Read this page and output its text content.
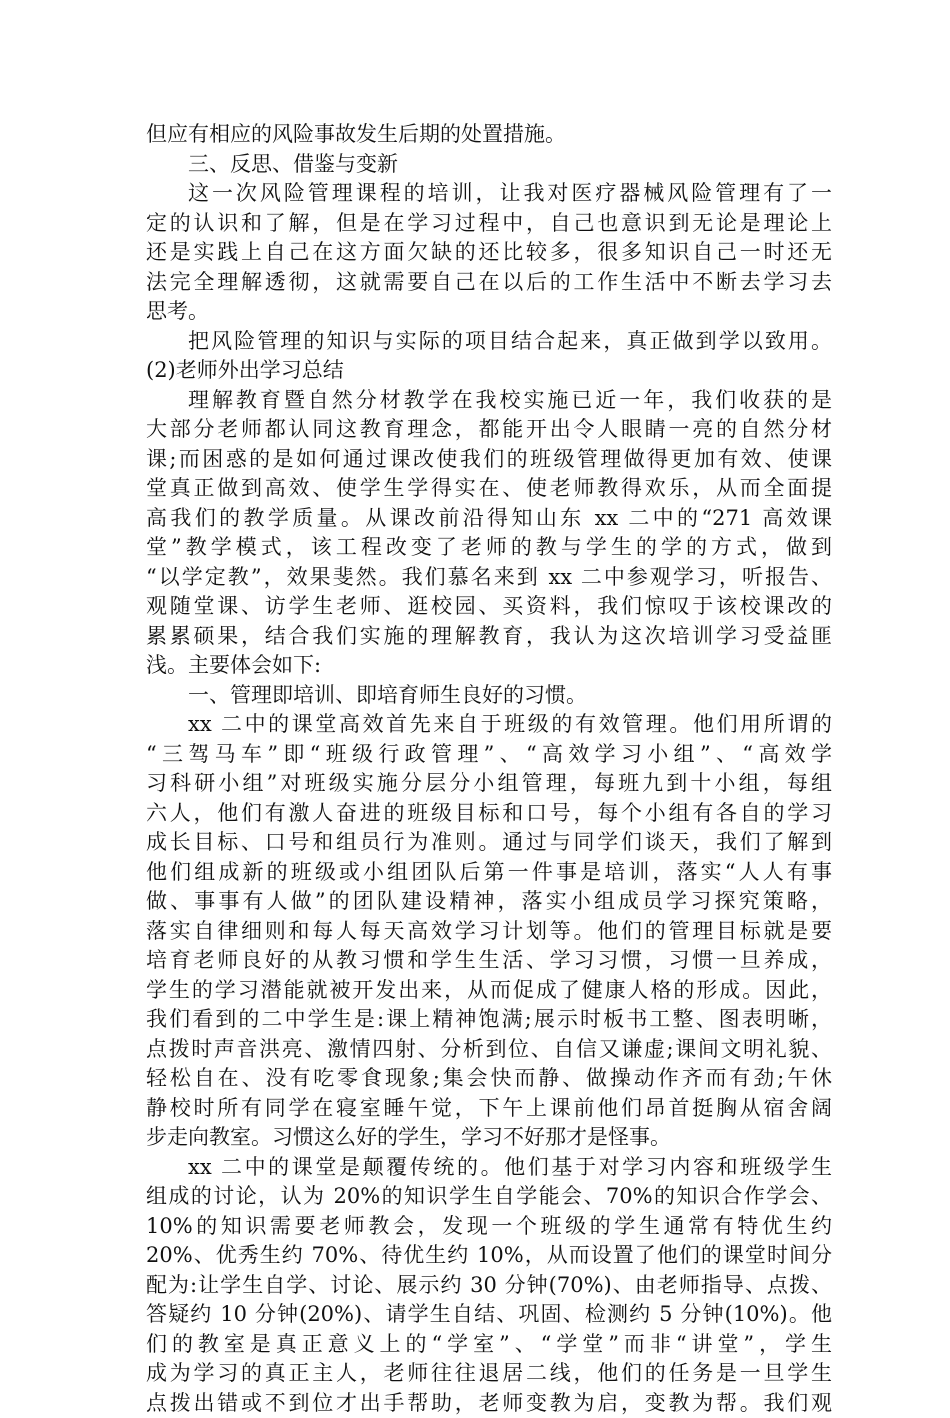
但应有相应的风险事故发生后期的处置措施。
三、反思、借鉴与变新
这一次风险管理课程的培训，让我对医疗器械风险管理有了一
定的认识和了解，但是在学习过程中，自己也意识到无论是理论上
还是实践上自己在这方面欠缺的还比较多，很多知识自己一时还无
法完全理解透彻，这就需要自己在以后的工作生活中不断去学习去
思考。
把风险管理的知识与实际的项目结合起来，真正做到学以致用。
(2)老师外出学习总结
理解教育暨自然分材教学在我校实施已近一年，我们收获的是
大部分老师都认同这教育理念，都能开出令人眼睛一亮的自然分材
课;而困惑的是如何通过课改使我们的班级管理做得更加有效、使课
堂真正做到高效、使学生学得实在、使老师教得欢乐，从而全面提
高我们的教学质量。从课改前沿得知山东 xx 二中的“271 高效课
堂”教学模式，该工程改变了老师的教与学生的学的方式，做到
“以学定教”，效果斐然。我们慕名来到 xx 二中参观学习，听报告、
观随堂课、访学生老师、逛校园、买资料，我们惊叹于该校课改的
累累硕果，结合我们实施的理解教育，我认为这次培训学习受益匪
浅。主要体会如下:
一、管理即培训、即培育师生良好的习惯。
xx 二中的课堂高效首先来自于班级的有效管理。他们用所谓的
“三驾马车”即“班级行政管理”、“高效学习小组”、“高效学
习科研小组”对班级实施分层分小组管理，每班九到十小组，每组
六人，他们有激人奋进的班级目标和口号，每个小组有各自的学习
成长目标、口号和组员行为准则。通过与同学们谈天，我们了解到
他们组成新的班级或小组团队后第一件事是培训，落实“人人有事
做、事事有人做”的团队建设精神，落实小组成员学习探究策略，
落实自律细则和每人每天高效学习计划等。他们的管理目标就是要
培育老师良好的从教习惯和学生生活、学习习惯，习惯一旦养成，
学生的学习潜能就被开发出来，从而促成了健康人格的形成。因此，
我们看到的二中学生是:课上精神饱满;展示时板书工整、图表明晰，
点拨时声音洪亮、激情四射、分析到位、自信又谦虚;课间文明礼貌、
轻松自在、没有吃零食现象;集会快而静、做操动作齐而有劲;午休
静校时所有同学在寝室睡午觉，下午上课前他们昂首挺胸从宿舍阔
步走向教室。习惯这么好的学生，学习不好那才是怪事。
xx 二中的课堂是颠覆传统的。他们基于对学习内容和班级学生
组成的讨论，认为 20%的知识学生自学能会、70%的知识合作学会、
10%的知识需要老师教会，发现一个班级的学生通常有特优生约
20%、优秀生约 70%、待优生约 10%，从而设置了他们的课堂时间分
配为:让学生自学、讨论、展示约 30 分钟(70%)、由老师指导、点拨、
答疑约 10 分钟(20%)、请学生自结、巩固、检测约 5 分钟(10%)。他
们的教室是真正意义上的“学室”、“学堂”而非“讲堂”，学生
成为学习的真正主人，老师往往退居二线，他们的任务是一旦学生
点拨出错或不到位才出手帮助，老师变教为启，变教为帮。我们观
